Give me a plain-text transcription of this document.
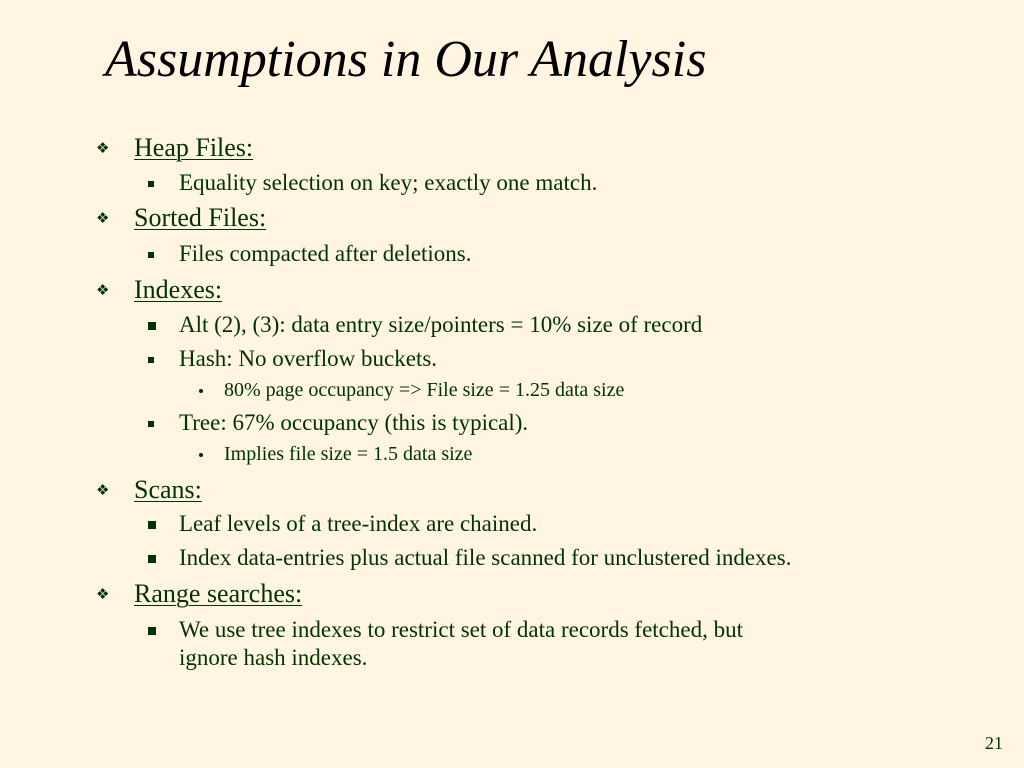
Assumptions in Our Analysis
❖ Heap Files:
Equality selection on key; exactly one match.
❖ Sorted Files:
Files compacted after deletions.
❖ Indexes:
Alt (2), (3): data entry size/pointers = 10% size of record
Hash: No overflow buckets.
80% page occupancy => File size = 1.25 data size
Tree: 67% occupancy (this is typical).
Implies file size = 1.5 data size
❖ Scans:
Leaf levels of a tree-index are chained.
Index data-entries plus actual file scanned for unclustered indexes.
❖ Range searches:
We use tree indexes to restrict set of data records fetched, but
ignore hash indexes.
21
